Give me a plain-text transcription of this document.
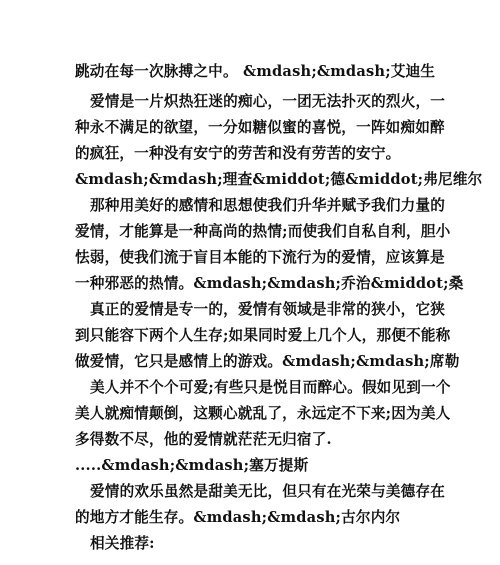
跳动在每一次脉搏之中。 &mdash;&mdash;艾迪生
爱情是一片炽热狂迷的痴心，一团无法扑灭的烈火，一
种永不满足的欲望，一分如糖似蜜的喜悦，一阵如痴如醉
的疯狂，一种没有安宁的劳苦和没有劳苦的安宁。
&mdash;&mdash;理查&middot;德&middot;弗尼维尔
那种用美好的感情和思想使我们升华并赋予我们力量的
爱情，才能算是一种高尚的热情;而使我们自私自利，胆小
怯弱，使我们流于盲目本能的下流行为的爱情，应该算是
一种邪恶的热情。&mdash;&mdash;乔治&middot;桑
真正的爱情是专一的，爱情有领域是非常的狭小，它狭
到只能容下两个人生存;如果同时爱上几个人，那便不能称
做爱情，它只是感情上的游戏。&mdash;&mdash;席勒
美人并不个个可爱;有些只是悦目而醉心。假如见到一个
美人就痴情颠倒，这颗心就乱了，永远定不下来;因为美人
多得数不尽，他的爱情就茫茫无归宿了.
.....&mdash;&mdash;塞万提斯
爱情的欢乐虽然是甜美无比，但只有在光荣与美德存在
的地方才能生存。&mdash;&mdash;古尔内尔
相关推荐:
